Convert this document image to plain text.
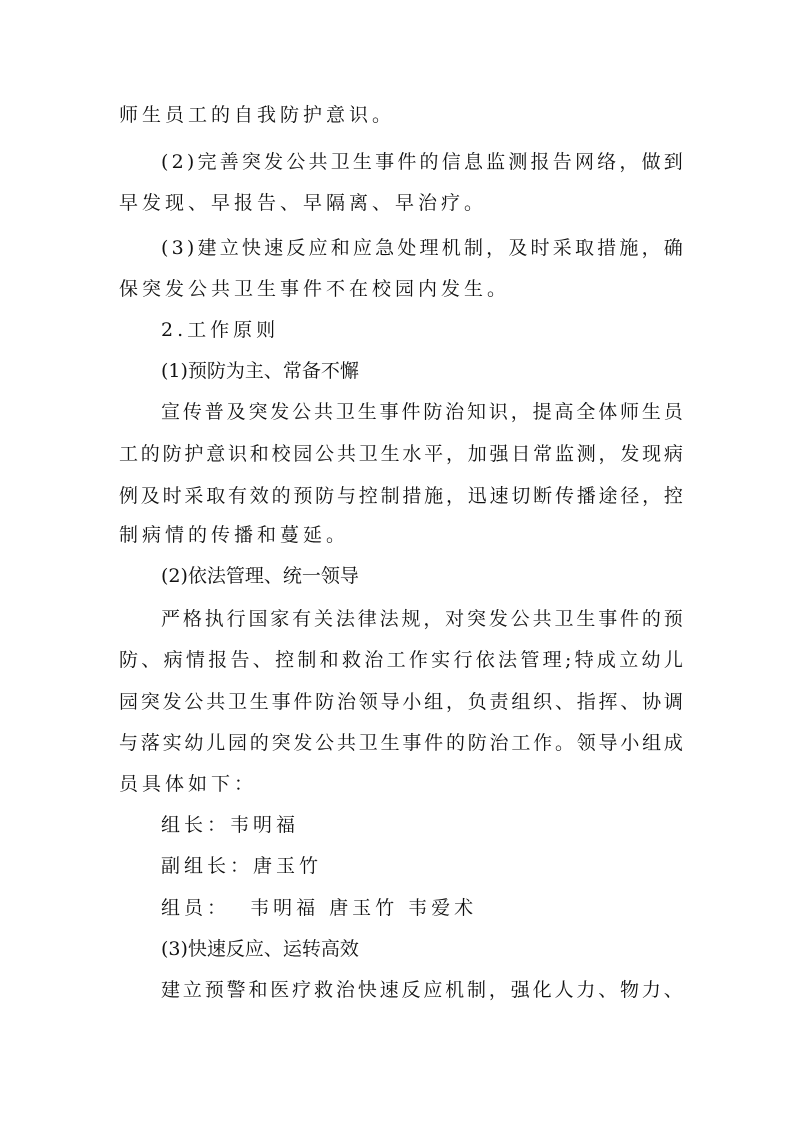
师生员工的自我防护意识。
( 2 ) 完 善 突 发 公 共 卫 生 事 件 的 信 息 监 测 报 告 网 络 ， 做 到
早发现、早报告、早隔离、早治疗。
( 3 ) 建 立 快 速 反 应 和 应 急 处 理 机 制 ， 及 时 采 取 措 施 ， 确
保突发公共卫生事件不在校园内发生。
2.工作原则
(1)预防为主、常备不懈
宣 传 普 及 突 发 公 共 卫 生 事 件 防 治 知 识 ， 提 高 全 体 师 生 员
工 的 防 护 意 识 和 校 园 公 共 卫 生 水 平 ， 加 强 日 常 监 测 ， 发 现 病
例 及 时 采 取 有 效 的 预 防 与 控 制 措 施 ， 迅 速 切 断 传 播 途 径 ， 控
制病情的传播和蔓延。
(2)依法管理、统一领导
严 格 执 行 国 家 有 关 法 律 法 规 ， 对 突 发 公 共 卫 生 事 件 的 预
防 、 病 情 报 告 、 控 制 和 救 治 工 作 实 行 依 法 管 理 ; 特 成 立 幼 儿
园 突 发 公 共 卫 生 事 件 防 治 领 导 小 组 ， 负 责 组 织 、 指 挥 、 协 调
与 落 实 幼 儿 园 的 突 发 公 共 卫 生 事 件 的 防 治 工 作 。 领 导 小 组 成
员具体如下：
组长：韦明福
副组长：唐玉竹
组员：  韦明福 唐玉竹 韦爱术
(3)快速反应、运转高效
建 立 预 警 和 医 疗 救 治 快 速 反 应 机 制 ， 强 化 人 力 、 物 力 、
